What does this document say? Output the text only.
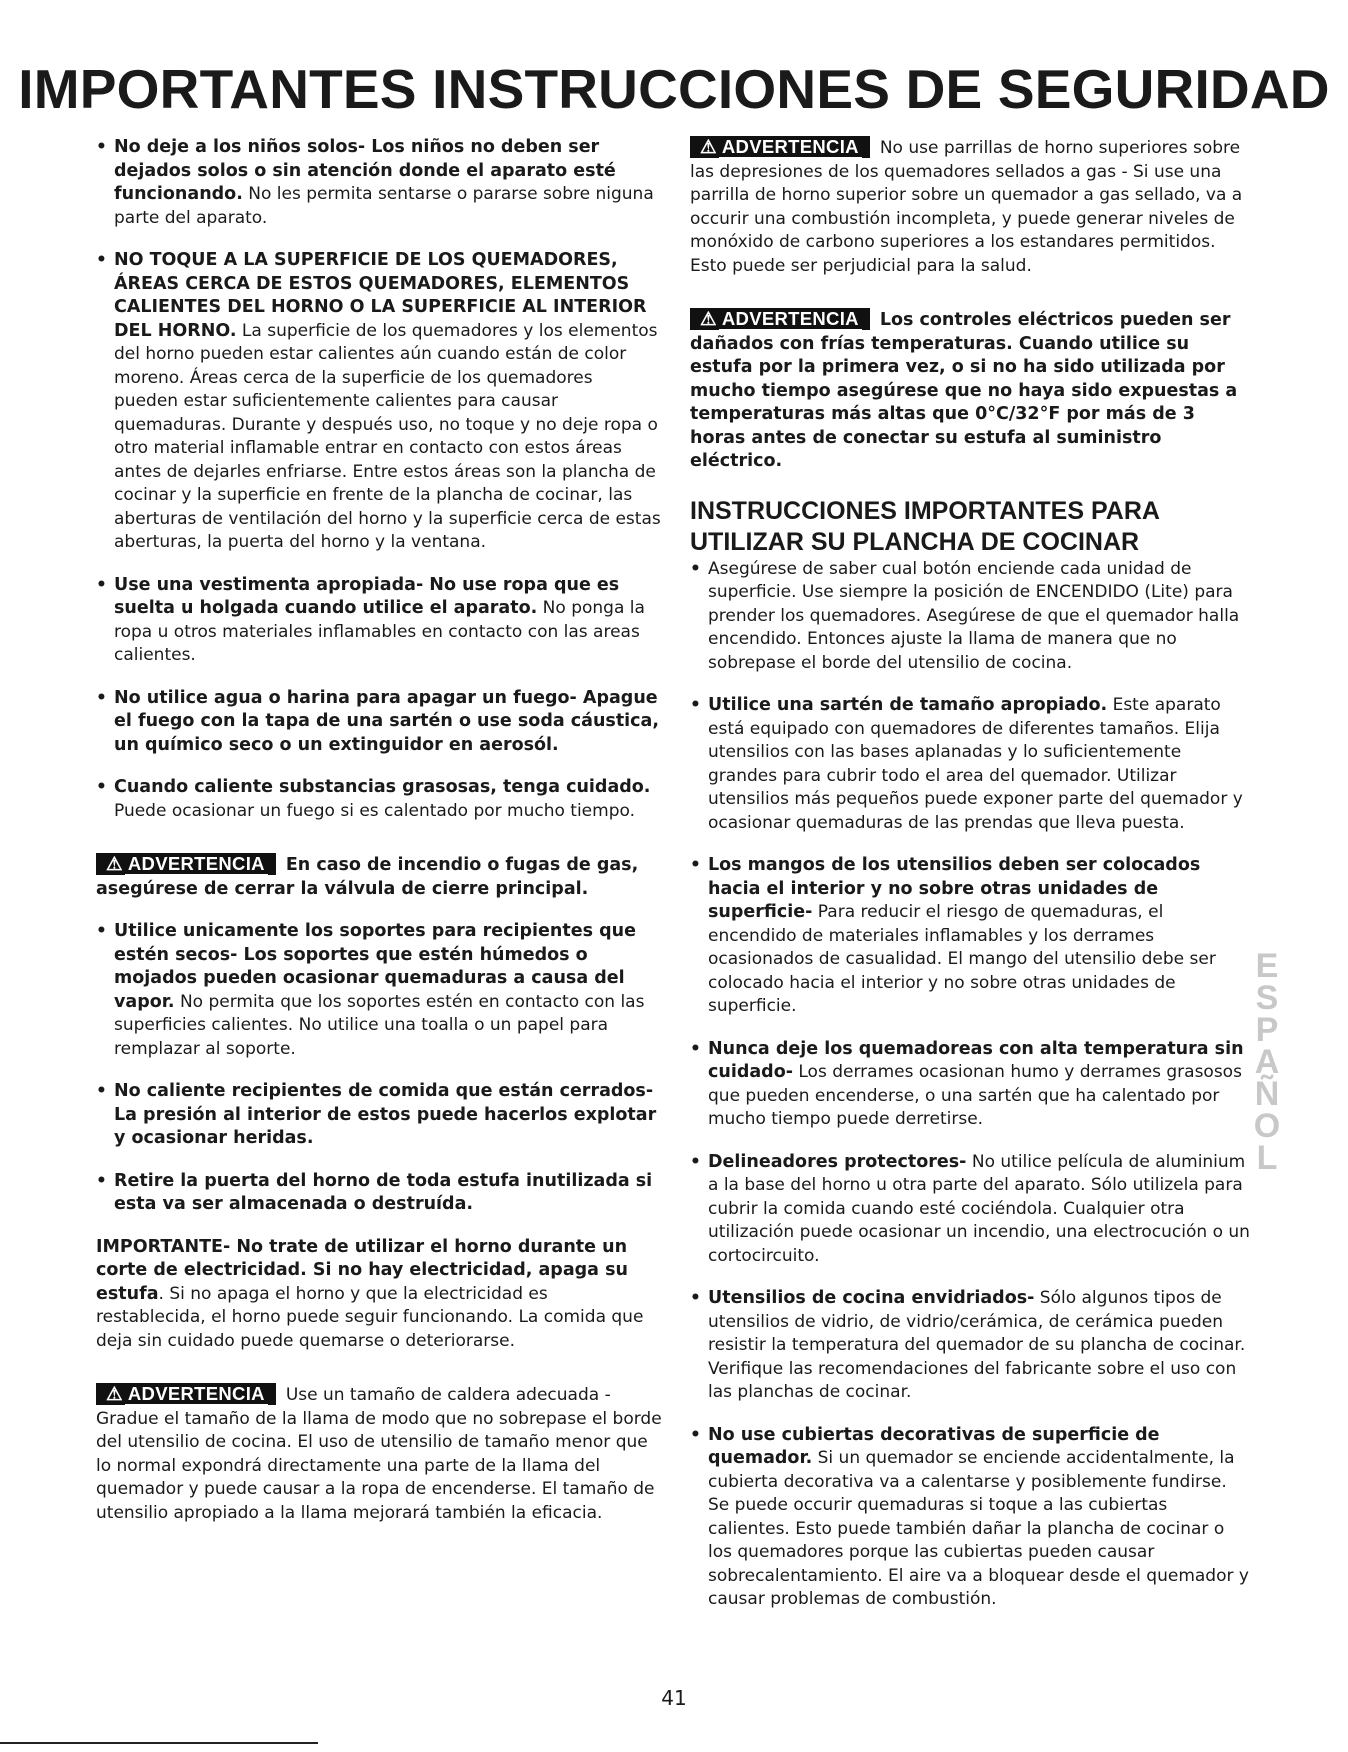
IMPORTANTES INSTRUCCIONES DE SEGURIDAD
• No deje a los niños solos- Los niños no deben ser dejados solos o sin atención donde el aparato esté funcionando. No les permita sentarse o pararse sobre niguna parte del aparato.
• NO TOQUE A LA SUPERFICIE DE LOS QUEMADORES, ÁREAS CERCA DE ESTOS QUEMADORES, ELEMENTOS CALIENTES DEL HORNO O LA SUPERFICIE AL INTERIOR DEL HORNO. La superficie de los quemadores y los elementos del horno pueden estar calientes aún cuando están de color moreno. Áreas cerca de la superficie de los quemadores pueden estar suficientemente calientes para causar quemaduras. Durante y después uso, no toque y no deje ropa o otro material inflamable entrar en contacto con estos áreas antes de dejarles enfriarse. Entre estos áreas son la plancha de cocinar y la superficie en frente de la plancha de cocinar, las aberturas de ventilación del horno y la superficie cerca de estas aberturas, la puerta del horno y la ventana.
• Use una vestimenta apropiada- No use ropa que es suelta u holgada cuando utilice el aparato. No ponga la ropa u otros materiales inflamables en contacto con las areas calientes.
• No utilice agua o harina para apagar un fuego- Apague el fuego con la tapa de una sartén o use soda cáustica, un químico seco o un extinguidor en aerosól.
• Cuando caliente substancias grasosas, tenga cuidado. Puede ocasionar un fuego si es calentado por mucho tiempo.

⚠ ADVERTENCIA En caso de incendio o fugas de gas, asegúrese de cerrar la válvula de cierre principal.

• Utilice unicamente los soportes para recipientes que estén secos- Los soportes que estén húmedos o mojados pueden ocasionar quemaduras a causa del vapor. No permita que los soportes estén en contacto con las superficies calientes. No utilice una toalla o un papel para remplazar al soporte.
• No caliente recipientes de comida que están cerrados- La presión al interior de estos puede hacerlos explotar y ocasionar heridas.
• Retire la puerta del horno de toda estufa inutilizada si esta va ser almacenada o destruída.

IMPORTANTE- No trate de utilizar el horno durante un corte de electricidad. Si no hay electricidad, apaga su estufa. Si no apaga el horno y que la electricidad es restablecida, el horno puede seguir funcionando. La comida que deja sin cuidado puede quemarse o deteriorarse.

⚠ ADVERTENCIA Use un tamaño de caldera adecuada - Gradue el tamaño de la llama de modo que no sobrepase el borde del utensilio de cocina. El uso de utensilio de tamaño menor que lo normal expondrá directamente una parte de la llama del quemador y puede causar a la ropa de encenderse. El tamaño de utensilio apropiado a la llama mejorará también la eficacia.

⚠ ADVERTENCIA No use parrillas de horno superiores sobre las depresiones de los quemadores sellados a gas - Si use una parrilla de horno superior sobre un quemador a gas sellado, va a occurir una combustión incompleta, y puede generar niveles de monóxido de carbono superiores a los estandares permitidos. Esto puede ser perjudicial para la salud.

⚠ ADVERTENCIA Los controles eléctricos pueden ser dañados con frías temperaturas. Cuando utilice su estufa por la primera vez, o si no ha sido utilizada por mucho tiempo asegúrese que no haya sido expuestas a temperaturas más altas que 0°C/32°F por más de 3 horas antes de conectar su estufa al suministro eléctrico.

INSTRUCCIONES IMPORTANTES PARA
UTILIZAR SU PLANCHA DE COCINAR
• Asegúrese de saber cual botón enciende cada unidad de superficie. Use siempre la posición de ENCENDIDO (Lite) para prender los quemadores. Asegúrese de que el quemador halla encendido. Entonces ajuste la llama de manera que no sobrepase el borde del utensilio de cocina.
• Utilice una sartén de tamaño apropiado. Este aparato está equipado con quemadores de diferentes tamaños. Elija utensilios con las bases aplanadas y lo suficientemente grandes para cubrir todo el area del quemador. Utilizar utensilios más pequeños puede exponer parte del quemador y ocasionar quemaduras de las prendas que lleva puesta.
• Los mangos de los utensilios deben ser colocados hacia el interior y no sobre otras unidades de superficie- Para reducir el riesgo de quemaduras, el encendido de materiales inflamables y los derrames ocasionados de casualidad. El mango del utensilio debe ser colocado hacia el interior y no sobre otras unidades de superficie.
• Nunca deje los quemadoreas con alta temperatura sin cuidado- Los derrames ocasionan humo y derrames grasosos que pueden encenderse, o una sartén que ha calentado por mucho tiempo puede derretirse.
• Delineadores protectores- No utilice película de aluminium a la base del horno u otra parte del aparato. Sólo utilizela para cubrir la comida cuando esté cociéndola. Cualquier otra utilización puede ocasionar un incendio, una electrocución o un cortocircuito.
• Utensilios de cocina envidriados- Sólo algunos tipos de utensilios de vidrio, de vidrio/cerámica, de cerámica pueden resistir la temperatura del quemador de su plancha de cocinar. Verifique las recomendaciones del fabricante sobre el uso con las planchas de cocinar.
• No use cubiertas decorativas de superficie de quemador. Si un quemador se enciende accidentalmente, la cubierta decorativa va a calentarse y posiblemente fundirse. Se puede occurir quemaduras si toque a las cubiertas calientes. Esto puede también dañar la plancha de cocinar o los quemadores porque las cubiertas pueden causar sobrecalentamiento. El aire va a bloquear desde el quemador y causar problemas de combustión.
E
S
P
A
Ñ
O
L
41
